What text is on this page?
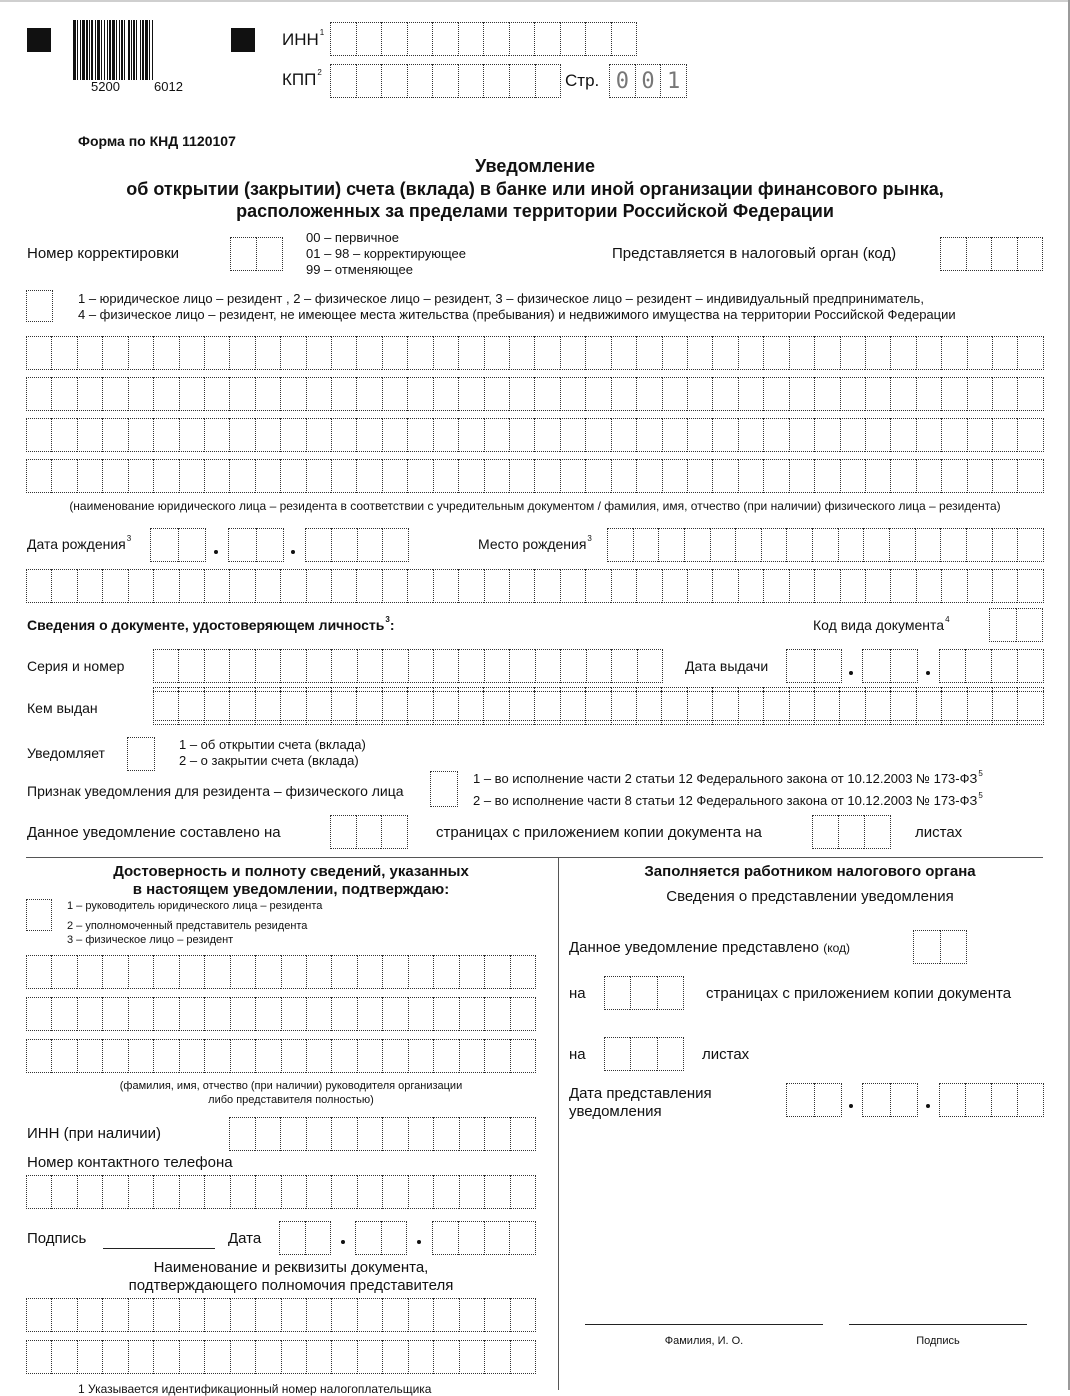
5200	6012
ИНН$^1$
КПП$^2$	Стр. 0 0 1
Форма по КНД 1120107
Уведомление
об открытии (закрытии) счета (вклада) в банке или иной организации финансового рынка,
расположенных за пределами территории Российской Федерации
Номер корректировки
00 – первичное
01 – 98 – корректирующее
99 – отменяющее
Представляется в налоговый орган (код)
1 – юридическое лицо – резидент , 2 – физическое лицо – резидент, 3 – физическое лицо – резидент – индивидуальный предприниматель,
4 – физическое лицо – резидент, не имеющее места жительства (пребывания) и недвижимого имущества на территории Российской Федерации
(наименование юридического лица – резидента в соответствии с учредительным документом / фамилия, имя, отчество (при наличии) физического лица – резидента)
Дата рождения$^3$	Место рождения$^3$
Сведения о документе, удостоверяющем личность$^3$:	Код вида документа$^4$
Серия и номер	Дата выдачи
Кем выдан
Уведомляет
1 – об открытии счета (вклада)
2 – о закрытии счета (вклада)
Признак уведомления для резидента – физического лица
1 – во исполнение части 2 статьи 12 Федерального закона от 10.12.2003 № $173-ФЗ^5$
2 – во исполнение части 8 статьи 12 Федерального закона от 10.12.2003 № $173-ФЗ^5$
Данное уведомление составлено на	страницах с приложением копии документа на	листах
Достоверность и полноту сведений, указанных
в настоящем уведомлении, подтверждаю:
1 – руководитель юридического лица – резидента
2 – уполномоченный представитель резидента
3 – физическое лицо – резидент
(фамилия, имя, отчество (при наличии) руководителя организации
либо представителя полностью)
ИНН (при наличии)
Номер контактного телефона
Подпись	Дата
Наименование и реквизиты документа,
подтверждающего полномочия представителя
Заполняется работником налогового органа
Сведения о представлении уведомления
Данное уведомление представлено (код)
на	страницах с приложением копии документа
на	листах
Дата представления
уведомления
Фамилия, И. О.	Подпись
1 Указывается идентификационный номер налогоплательщика
